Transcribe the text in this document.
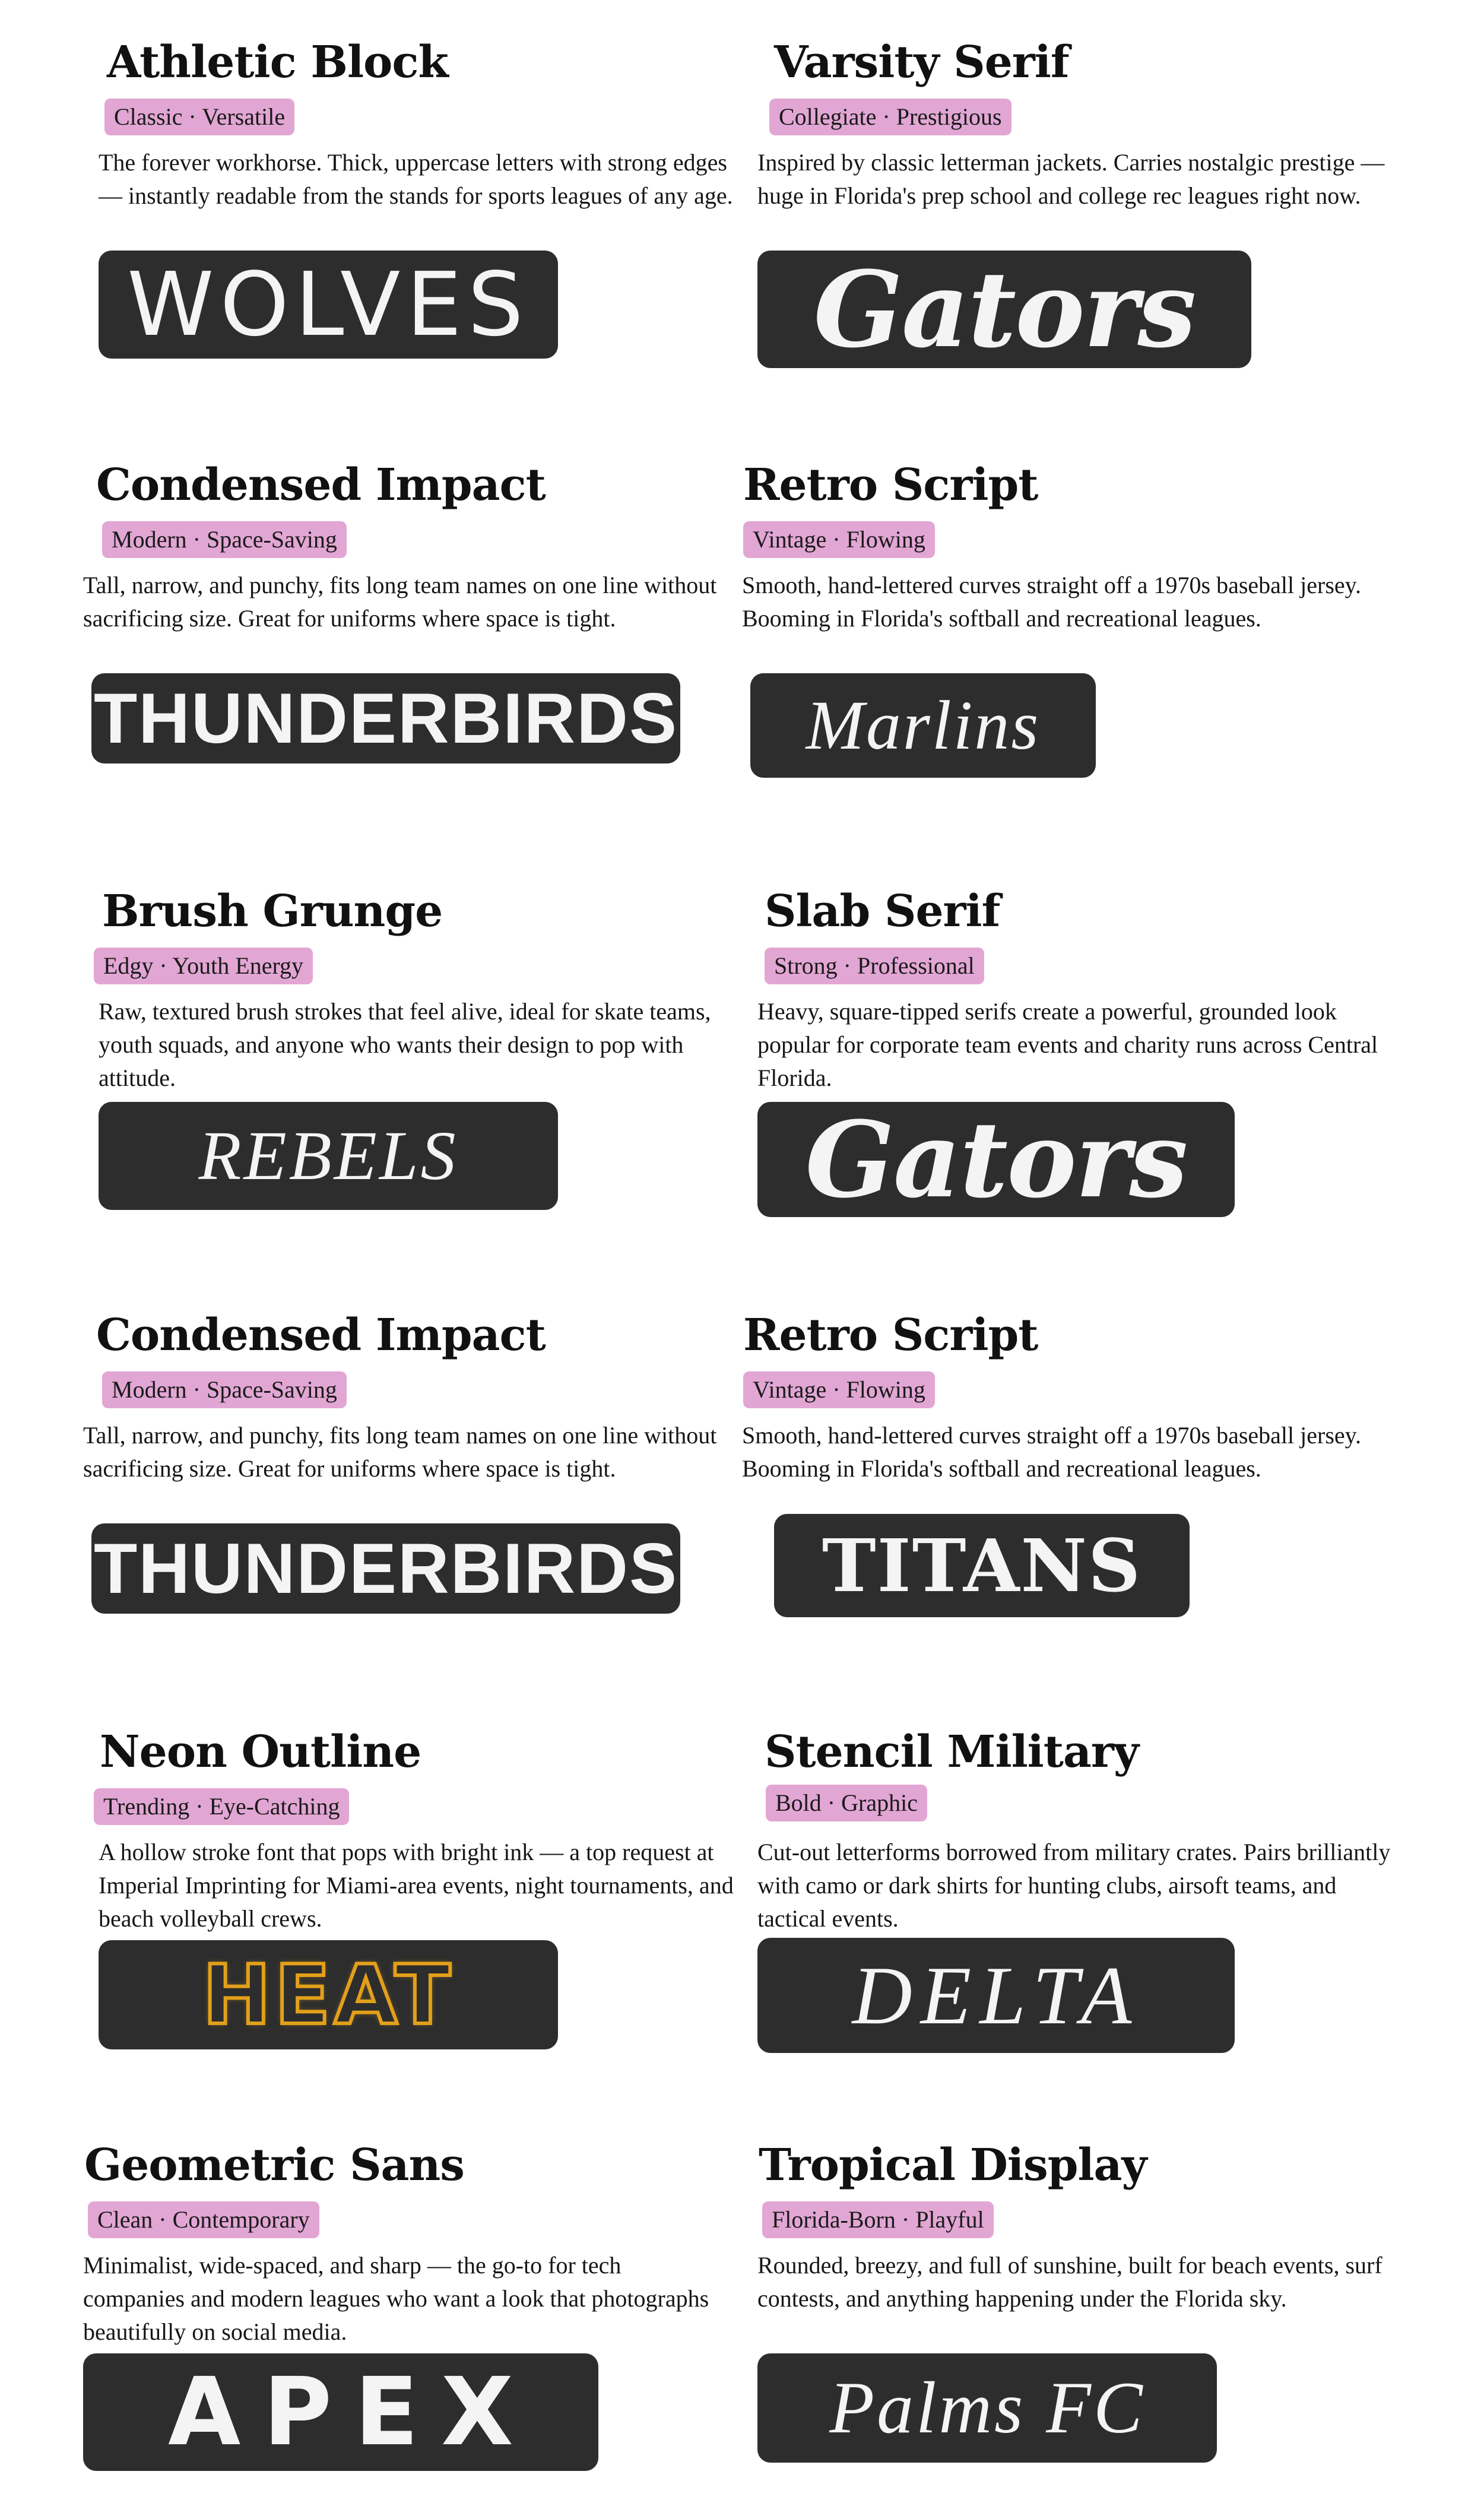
Athletic Block
Classic · Versatile
The forever workhorse. Thick, uppercase letters with strong edges — instantly readable from the stands for sports leagues of any age.
WOLVES
Varsity Serif
Collegiate · Prestigious
Inspired by classic letterman jackets. Carries nostalgic prestige — huge in Florida's prep school and college rec leagues right now.
Gators
Condensed Impact
Modern · Space-Saving
Tall, narrow, and punchy, fits long team names on one line without sacrificing size. Great for uniforms where space is tight.
THUNDERBIRDS
Retro Script
Vintage · Flowing
Smooth, hand-lettered curves straight off a 1970s baseball jersey. Booming in Florida's softball and recreational leagues.
Marlins
Brush Grunge
Edgy · Youth Energy
Raw, textured brush strokes that feel alive, ideal for skate teams, youth squads, and anyone who wants their design to pop with attitude.
REBELS
Slab Serif
Strong · Professional
Heavy, square-tipped serifs create a powerful, grounded look popular for corporate team events and charity runs across Central Florida.
Gators
Condensed Impact
Modern · Space-Saving
Tall, narrow, and punchy, fits long team names on one line without sacrificing size. Great for uniforms where space is tight.
THUNDERBIRDS
Retro Script
Vintage · Flowing
Smooth, hand-lettered curves straight off a 1970s baseball jersey. Booming in Florida's softball and recreational leagues.
TITANS
Neon Outline
Trending · Eye-Catching
A hollow stroke font that pops with bright ink — a top request at Imperial Imprinting for Miami-area events, night tournaments, and beach volleyball crews.
HEAT
Stencil Military
Bold · Graphic
Cut-out letterforms borrowed from military crates. Pairs brilliantly with camo or dark shirts for hunting clubs, airsoft teams, and tactical events.
DELTA
Geometric Sans
Clean · Contemporary
Minimalist, wide-spaced, and sharp — the go-to for tech companies and modern leagues who want a look that photographs beautifully on social media.
APEX
Tropical Display
Florida-Born · Playful
Rounded, breezy, and full of sunshine, built for beach events, surf contests, and anything happening under the Florida sky.
Palms FC
